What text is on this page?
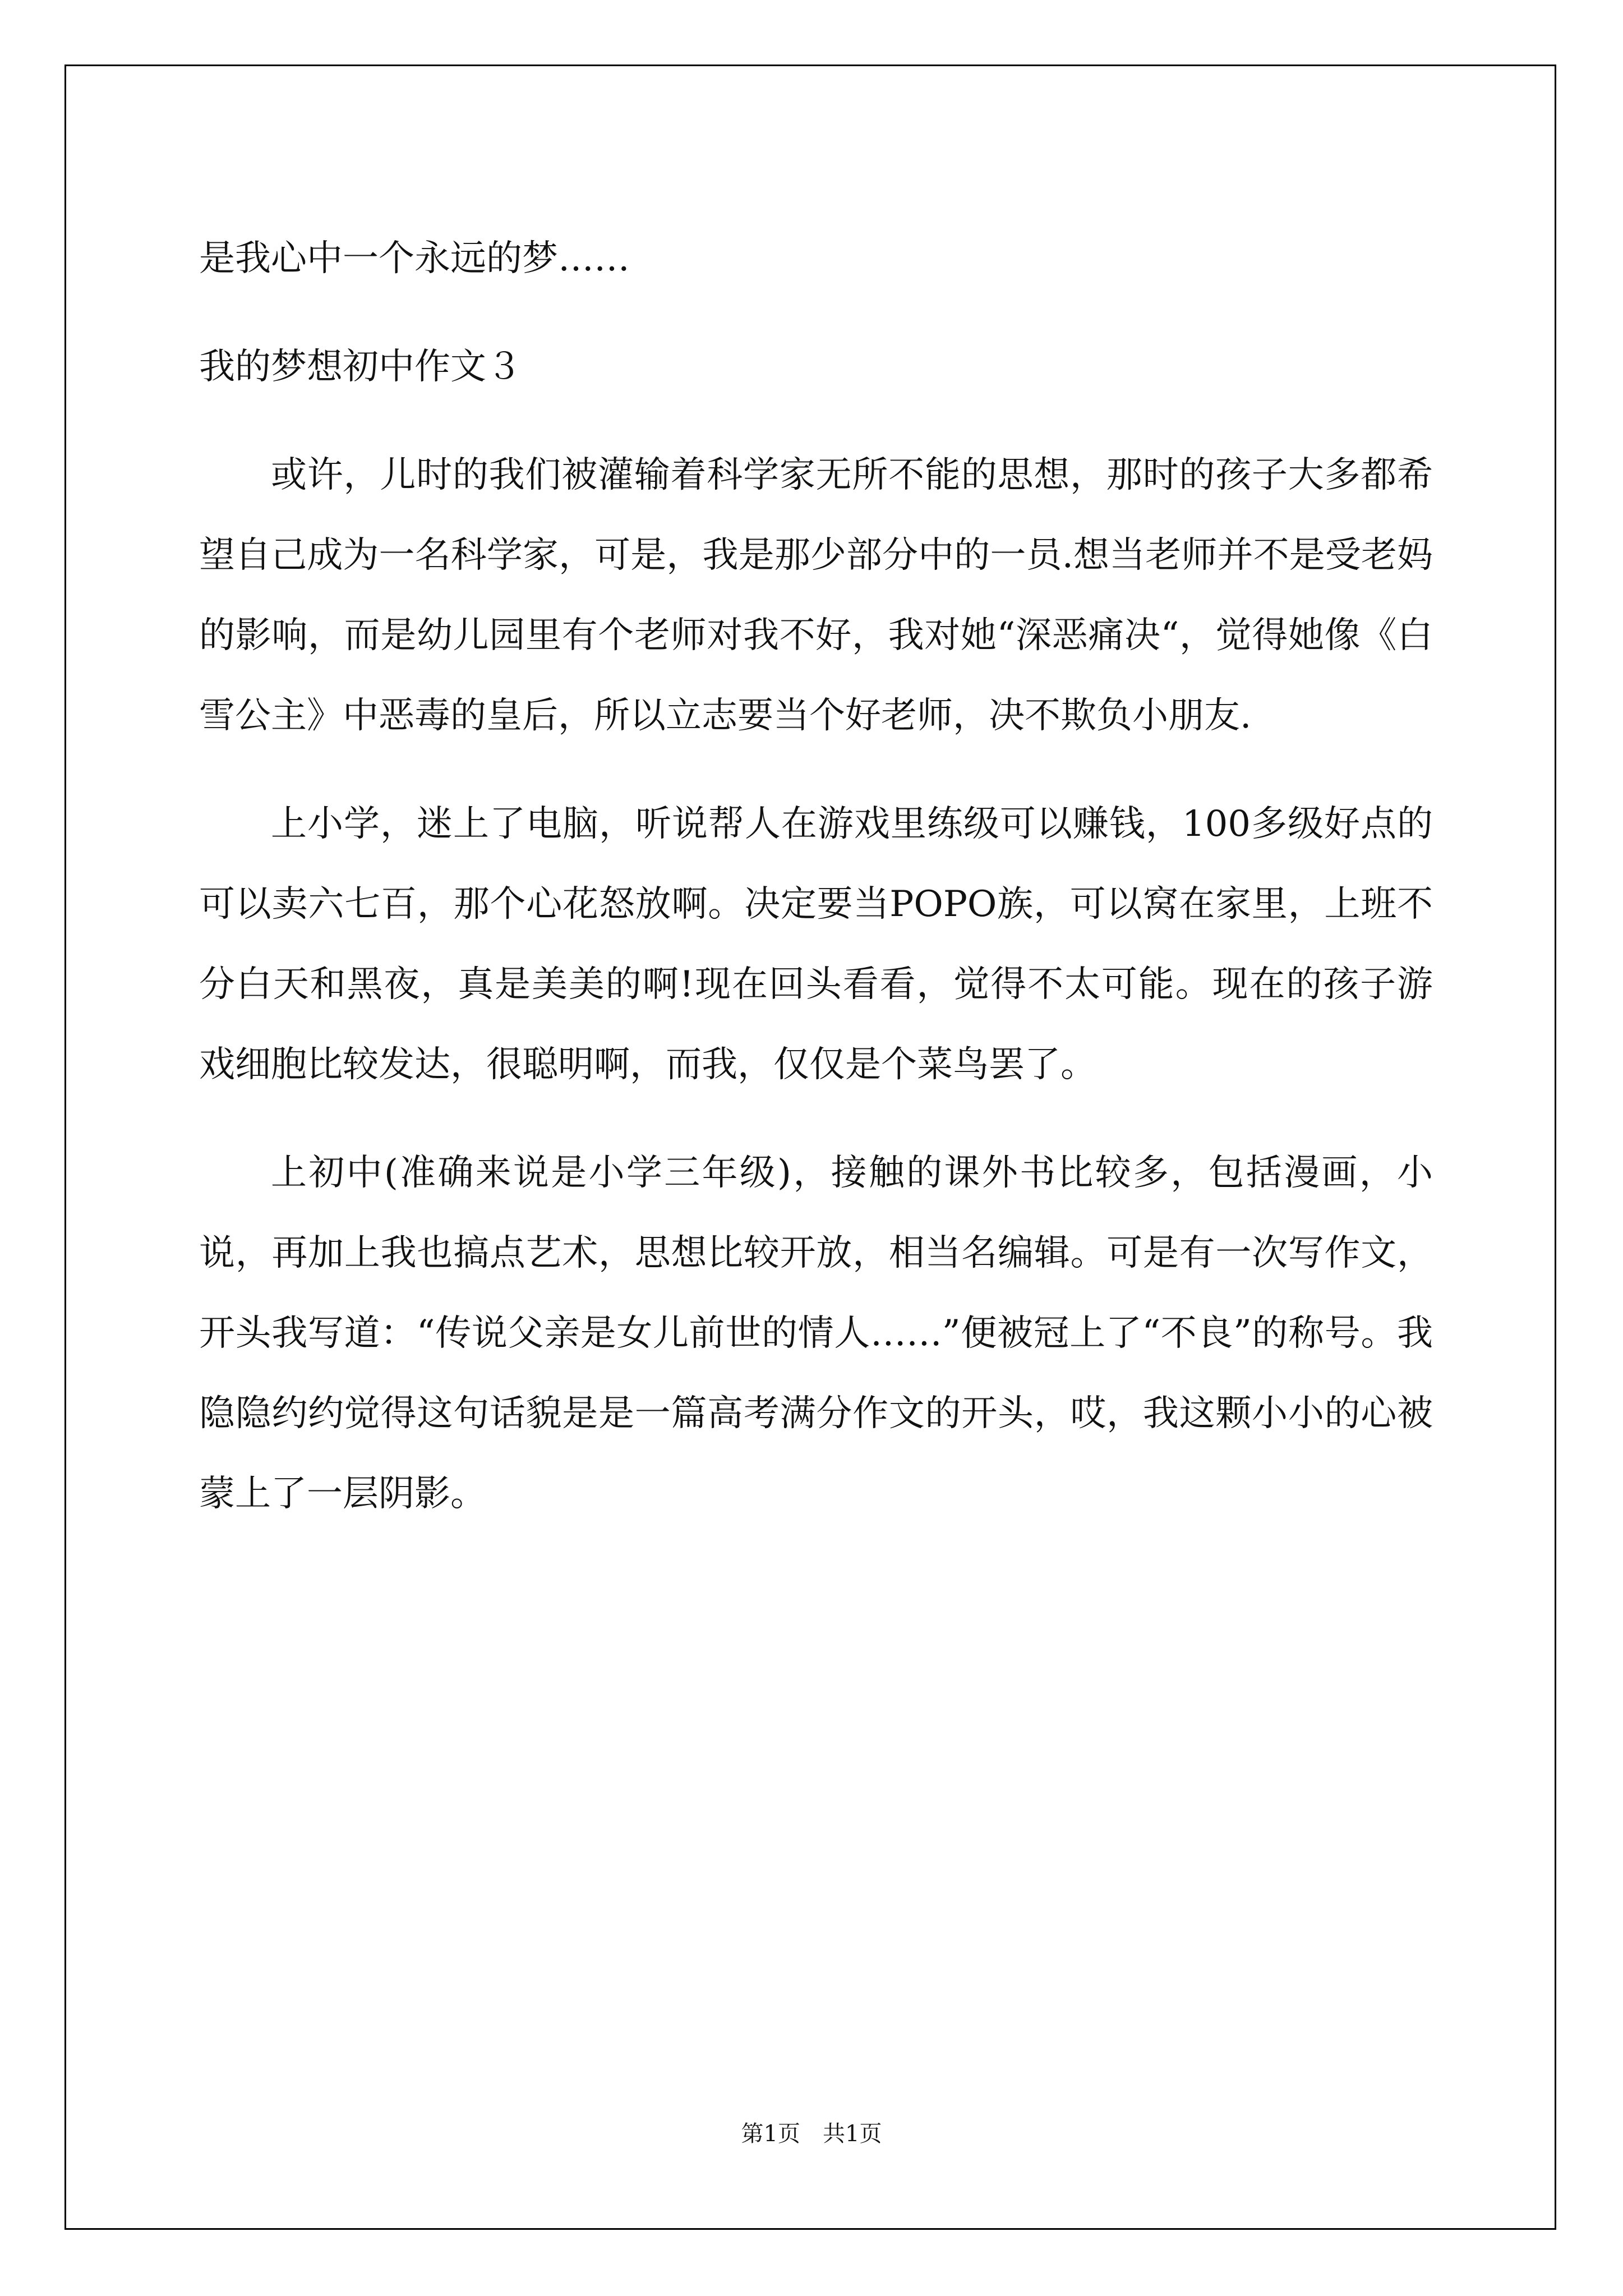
是我心中一个永远的梦……

我的梦想初中作文３

或许，儿时的我们被灌输着科学家无所不能的思想，那时的孩子大多都希望自己成为一名科学家，可是，我是那少部分中的一员.想当老师并不是受老妈的影响，而是幼儿园里有个老师对我不好，我对她“深恶痛决“，觉得她像《白雪公主》中恶毒的皇后，所以立志要当个好老师，决不欺负小朋友.

上小学，迷上了电脑，听说帮人在游戏里练级可以赚钱，100多级好点的可以卖六七百，那个心花怒放啊。决定要当POPO族，可以窝在家里，上班不分白天和黑夜，真是美美的啊!现在回头看看，觉得不太可能。现在的孩子游戏细胞比较发达，很聪明啊，而我，仅仅是个菜鸟罢了。

上初中(准确来说是小学三年级)，接触的课外书比较多，包括漫画，小说，再加上我也搞点艺术，思想比较开放，相当名编辑。可是有一次写作文，开头我写道：“传说父亲是女儿前世的情人……”便被冠上了“不良”的称号。我隐隐约约觉得这句话貌是是一篇高考满分作文的开头，哎，我这颗小小的心被蒙上了一层阴影。

第1页 共1页
